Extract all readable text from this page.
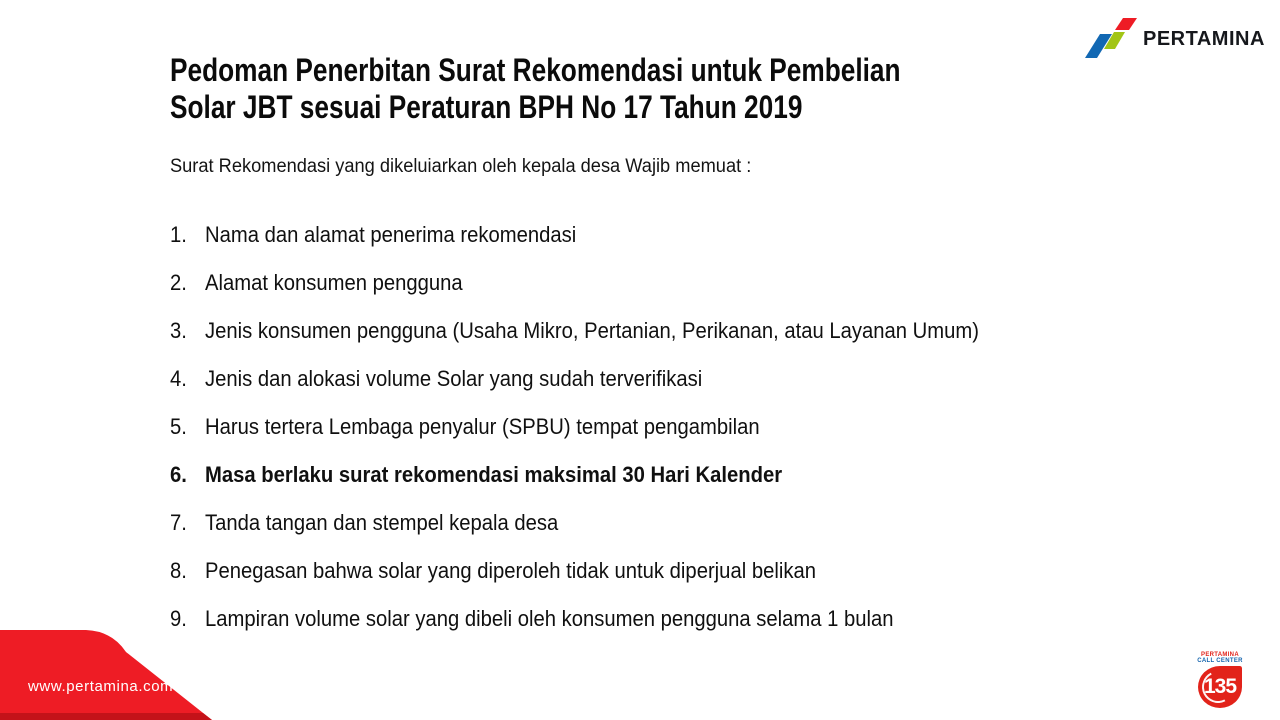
PERTAMINA
Pedoman Penerbitan Surat Rekomendasi untuk Pembelian
Solar JBT sesuai Peraturan BPH No 17 Tahun 2019
Surat Rekomendasi yang dikeluiarkan oleh kepala desa Wajib memuat :
1. Nama dan alamat penerima rekomendasi
2. Alamat konsumen pengguna
3. Jenis konsumen pengguna (Usaha Mikro, Pertanian, Perikanan, atau Layanan Umum)
4. Jenis dan alokasi volume Solar yang sudah terverifikasi
5. Harus tertera Lembaga penyalur (SPBU) tempat pengambilan
6. Masa berlaku surat rekomendasi maksimal 30 Hari Kalender
7. Tanda tangan dan stempel kepala desa
8. Penegasan bahwa solar yang diperoleh tidak untuk diperjual belikan
9. Lampiran volume solar yang dibeli oleh konsumen pengguna selama 1 bulan
www.pertamina.com
PERTAMINA
CALL CENTER
135
